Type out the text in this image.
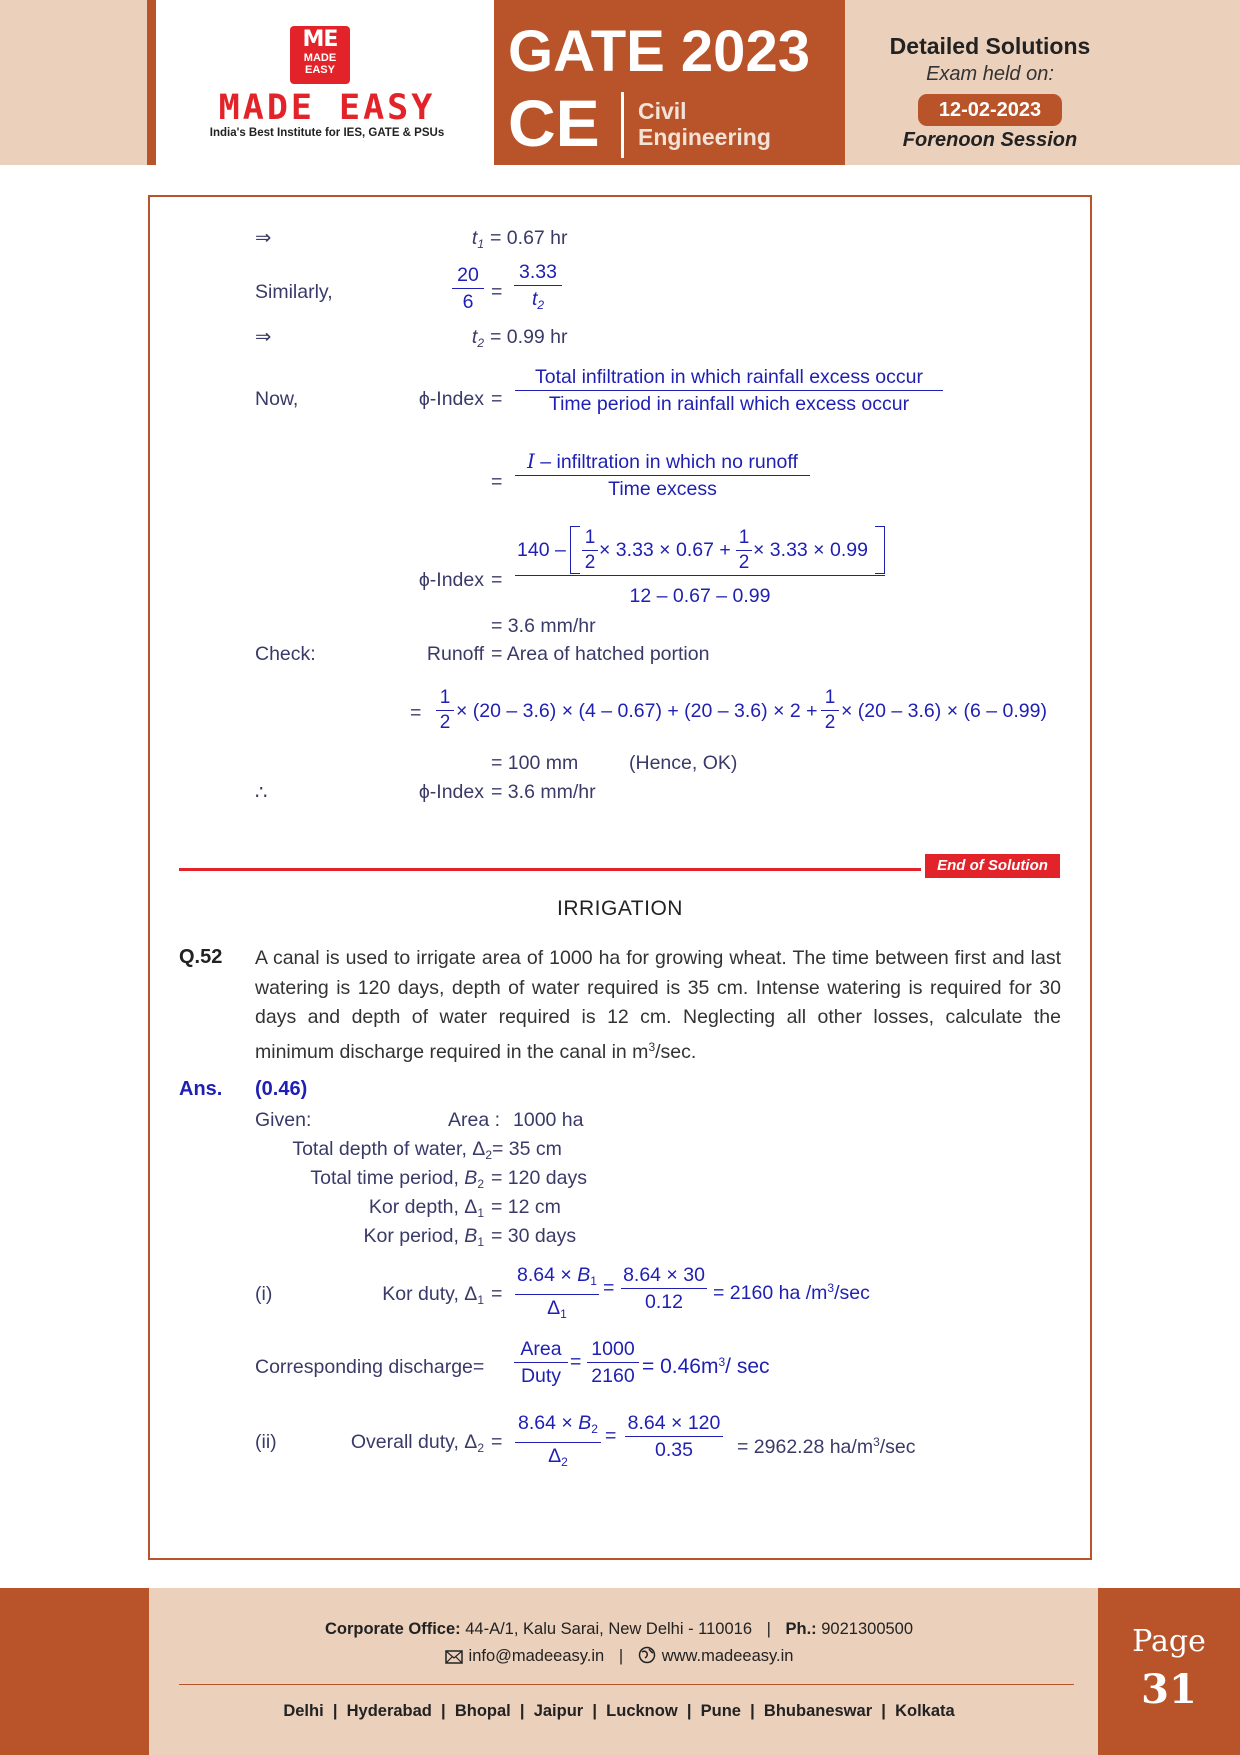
ME
MADE EASY
MADE EASY
India's Best Institute for IES, GATE & PSUs
GATE 2023
CE Civil
Engineering
Detailed Solutions
Exam held on:
12-02-2023
Forenoon Session
⇒	$t_1 = 0.67$ hr
Similarly,	$\frac{20}{6} = \frac{3.33}{t_2}$
⇒	$t_2 = 0.99$ hr
Now,	ϕ-Index =
Total infiltration in which rainfall excess occur
Time period in rainfall which excess occur
=
I – infiltration in which no runoff
Time excess
ϕ-Index =
$140 - \frac{1}{2} \times 3.33 \times 0.67 + \frac{1}{2} \times 3.33 \times 0.99$
12 – 0.67 – 0.99
= 3.6 mm/hr
Check:	Runoff = Area of hatched portion
= $\frac{1}{2} \times (20 - 3.6) \times (4 - 0.67) + (20 - 3.6) \times 2 + \frac{1}{2} \times (20 - 3.6) \times (6 - 0.99)$
= 100 mm	(Hence, OK)
∴	ϕ-Index = 3.6 mm/hr
End of Solution
IRRIGATION
Q.52 A canal is used to irrigate area of 1000 ha for growing wheat. The time between first and last watering is 120 days, depth of water required is 35 cm. Intense watering is required for 30 days and depth of water required is 12 cm. Neglecting all other losses, calculate the minimum discharge required in the canal in $m^3/\sec$.
Ans. (0.46)
Given:	Area : 1000 ha
Total depth of water, $\Delta_2 = 35$ cm
Total time period, $B_2 = 120$ days
Kor depth, $\Delta_1 = 12$ cm
Kor period, $B_1 = 30$ days
(i)	Kor duty, $\Delta_1 = \frac{8.64 \times B_1}{\Delta_1} = \frac{8.64 \times 30}{0.12} = 2160$ ha $/m^3/\sec$
Corresponding discharge=
Area
Duty
= $\frac{1000}{2160} = 0.46m^3/$ sec
(ii)	Overall duty, $\Delta_2 = \frac{8.64 \times B_2}{\Delta_2} = \frac{8.64 \times 120}{0.35} = 2962.28$ $ha/m^3/\sec$
Corporate Office: 44-A/1, Kalu Sarai, New Delhi - 110016 | Ph.: 9021300500
info@madeeasy.in | www.madeeasy.in
Delhi  |  Hyderabad  |  Bhopal  |  Jaipur  |  Lucknow  |  Pune  |  Bhubaneswar  |  Kolkata
Page
31
